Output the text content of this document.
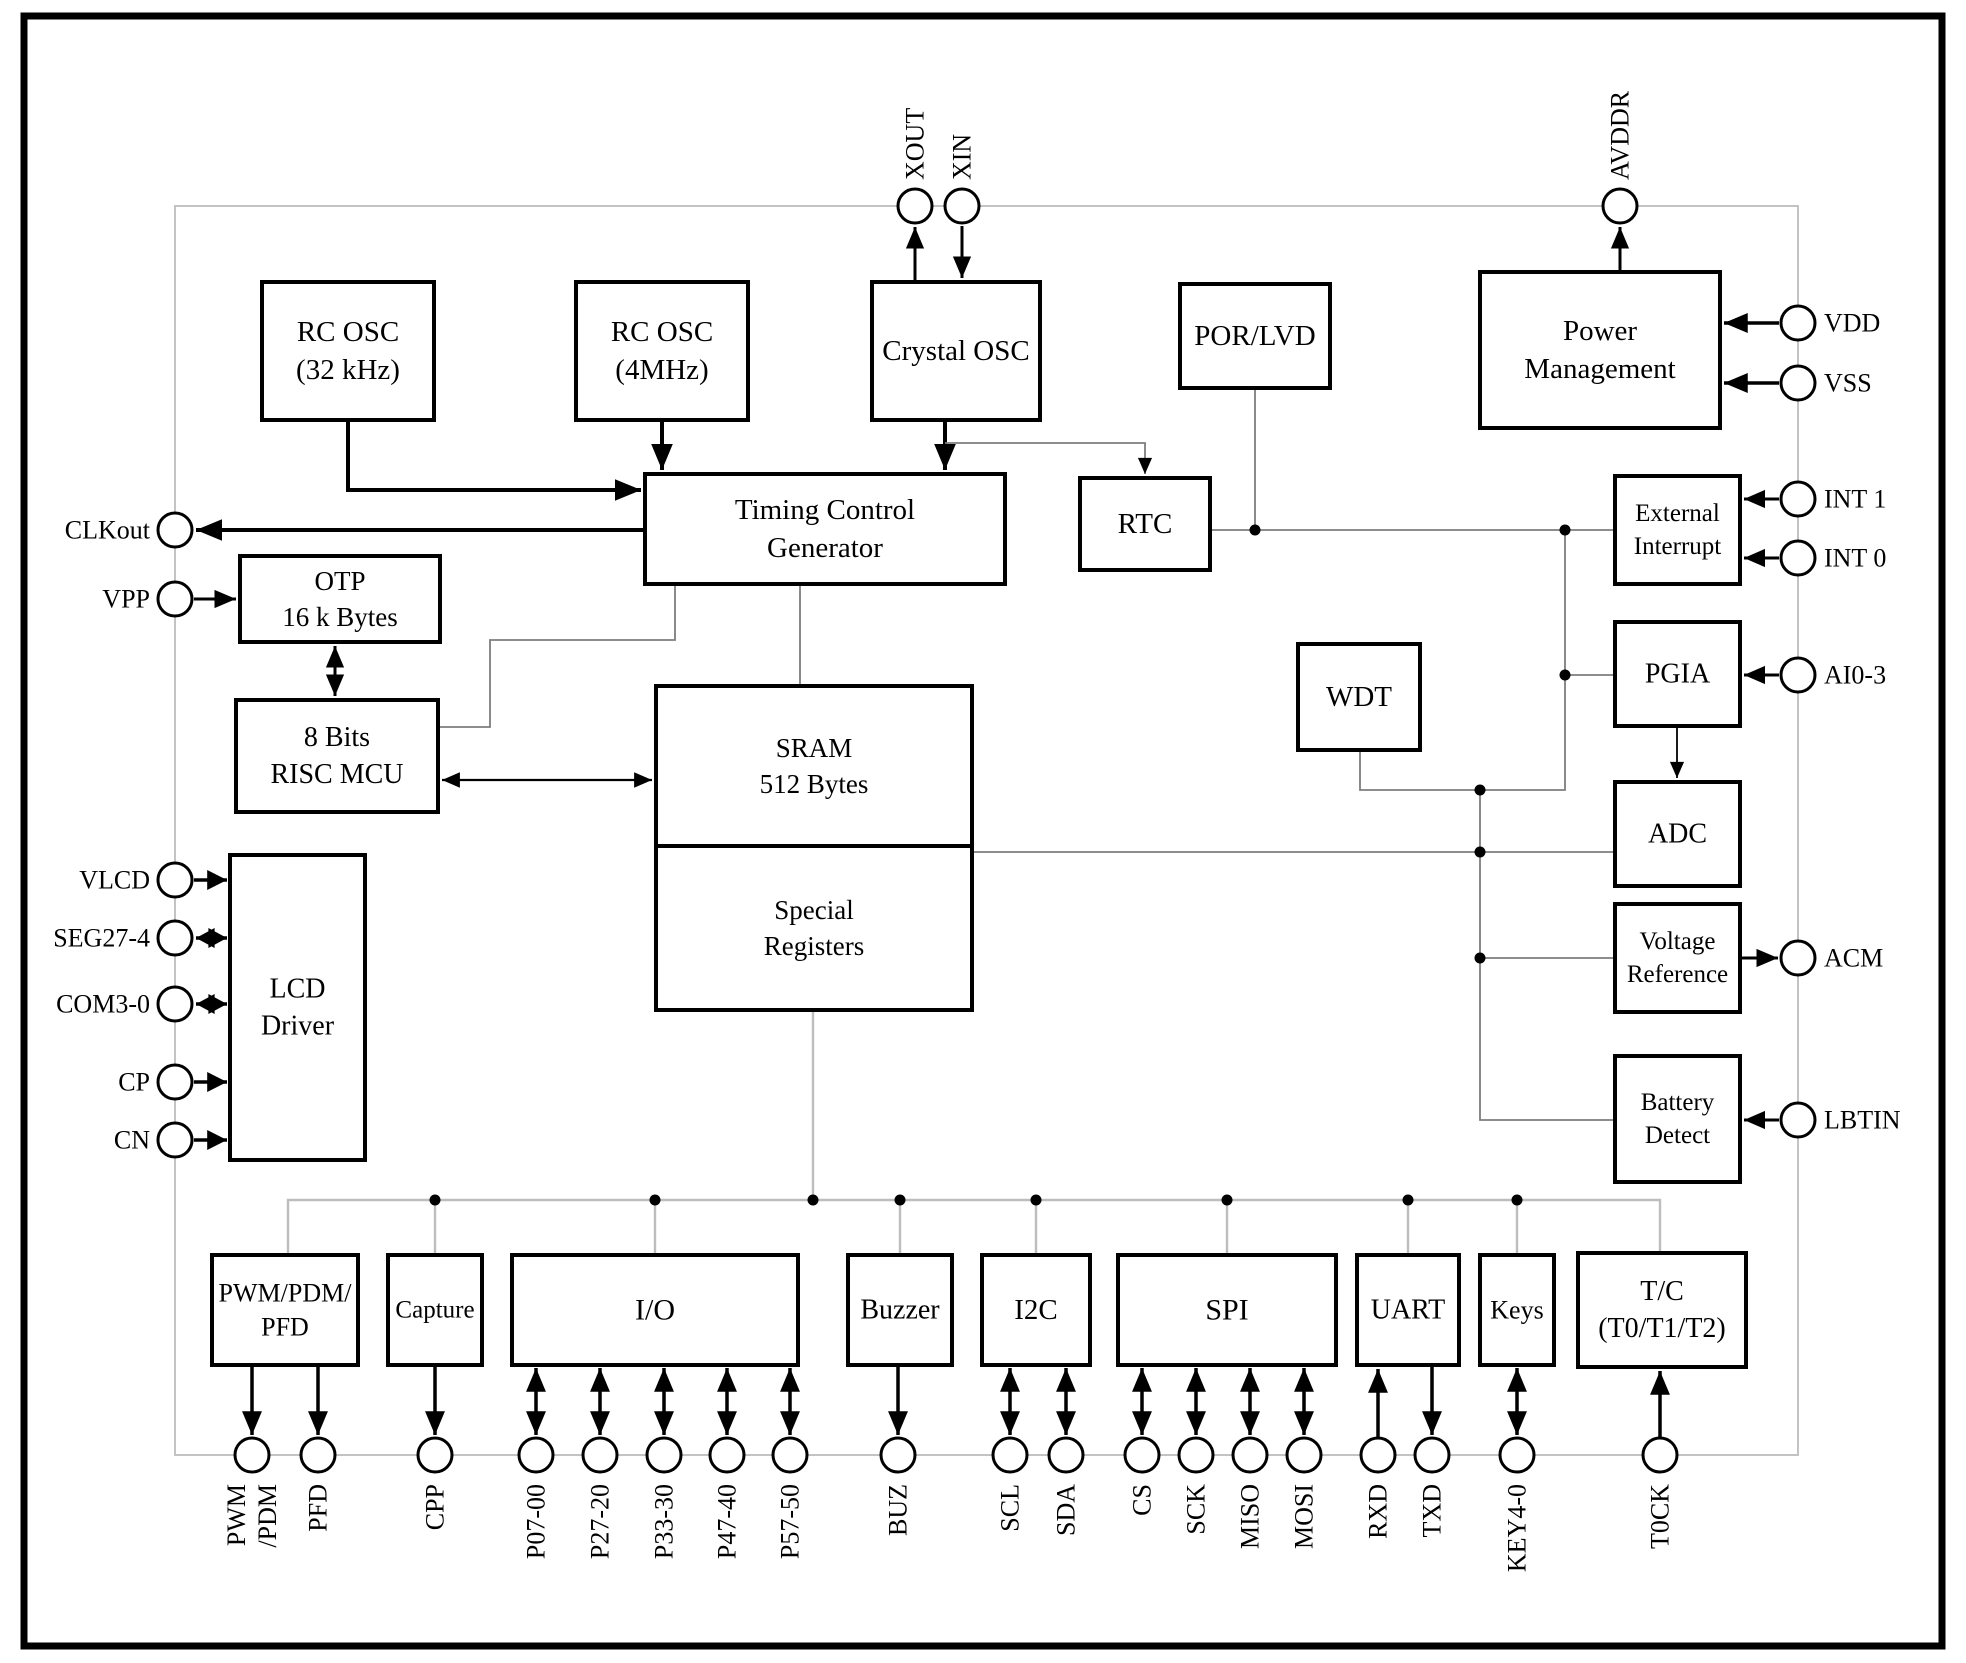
RC OSC
(32 kHz)
RC OSC
(4MHz)
Crystal OSC	POR/LVD	Power
Management
Timing Control
Generator
RTC
OTP
16 k Bytes
8 Bits
RISC MCU
WDT
External
Interrupt
PGIA
ADC
Voltage
Reference
Battery
Detect
LCD
Driver
SRAM
512 Bytes
Special
Registers
PWM/PDM/
PFD
Capture	I/O	Buzzer	I2C	SPI	UART Keys
T/C
(T0/T1/T2)
XOUT XIN	AVDDR
VDD
VSS
INT 1
INT 0
AI0-3
ACM
LBTIN
CLKout
VPP
VLCD
SEG27-4
COM3-0
CP
CN
PWM /PDM PFD	CPP	P07-00 P27-20 P33-30 P47-40 P57-50	BUZ	SCL SDA CS SCK MISO MOSI RXD TXD KEY4-0	T0CK
